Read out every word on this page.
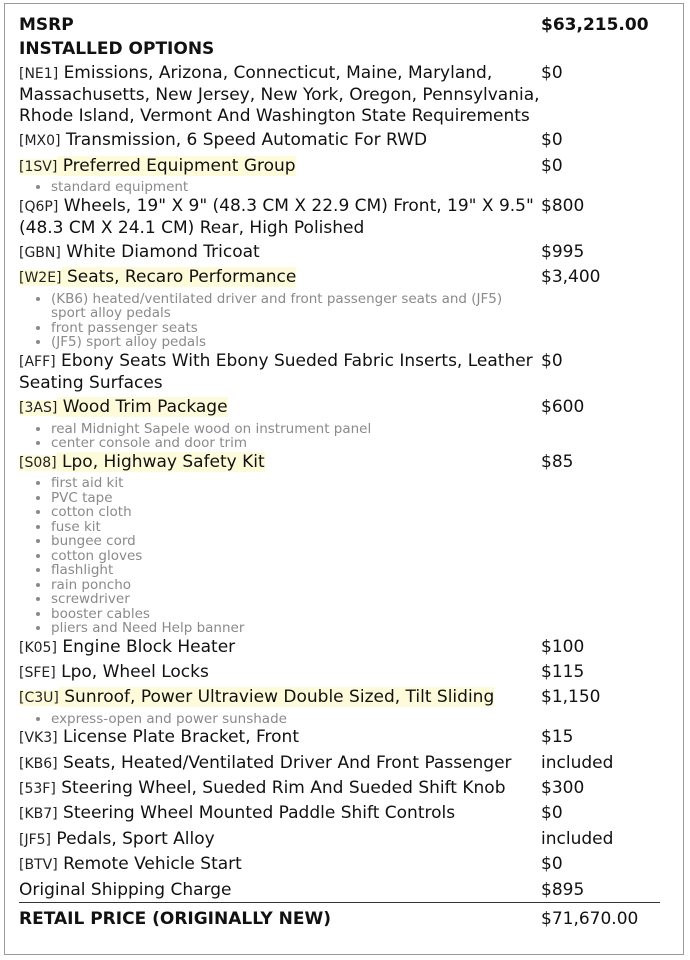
MSRP	$63,215.00
INSTALLED OPTIONS
[NE1] Emissions, Arizona, Connecticut, Maine, Maryland, Massachusetts, New Jersey, New York, Oregon, Pennsylvania, Rhode Island, Vermont And Washington State Requirements
$0
[MX0] Transmission, 6 Speed Automatic For RWD	$0
[1SV] Preferred Equipment Group	$0
• standard equipment
[Q6P] Wheels, 19" X 9" (48.3 CM X 22.9 CM) Front, 19" X 9.5" (48.3 CM X 24.1 CM) Rear, High Polished
$800
[GBN] White Diamond Tricoat	$995
[W2E] Seats, Recaro Performance	$3,400
• (KB6) heated/ventilated driver and front passenger seats and (JF5) sport alloy pedals
• front passenger seats
• (JF5) sport alloy pedals
[AFF] Ebony Seats With Ebony Sueded Fabric Inserts, Leather Seating Surfaces
$0
[3AS] Wood Trim Package	$600
• real Midnight Sapele wood on instrument panel
• center console and door trim
[S08] Lpo, Highway Safety Kit	$85
• first aid kit
• PVC tape
• cotton cloth
• fuse kit
• bungee cord
• cotton gloves
• flashlight
• rain poncho
• screwdriver
• booster cables
• pliers and Need Help banner
[K05] Engine Block Heater	$100
[SFE] Lpo, Wheel Locks	$115
[C3U] Sunroof, Power Ultraview Double Sized, Tilt Sliding	$1,150
• express-open and power sunshade
[VK3] License Plate Bracket, Front	$15
[KB6] Seats, Heated/Ventilated Driver And Front Passenger	included
[53F] Steering Wheel, Sueded Rim And Sueded Shift Knob	$300
[KB7] Steering Wheel Mounted Paddle Shift Controls	$0
[JF5] Pedals, Sport Alloy	included
[BTV] Remote Vehicle Start	$0
Original Shipping Charge	$895
RETAIL PRICE (ORIGINALLY NEW)	$71,670.00
